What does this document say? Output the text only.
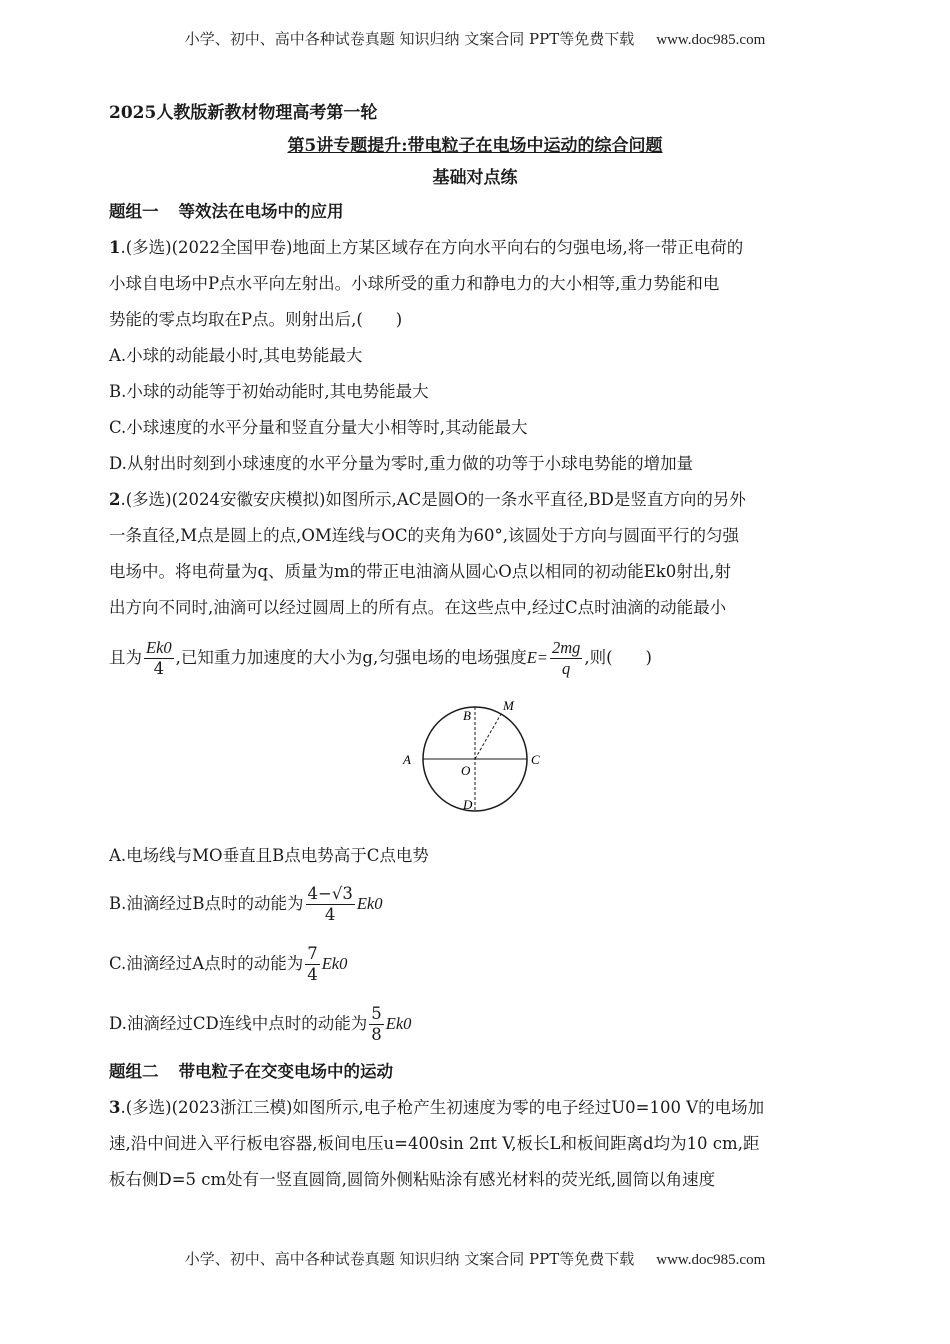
小学、初中、高中各种试卷真题 知识归纳 文案合同 PPT等免费下载 www.doc985.com
2025人教版新教材物理高考第一轮
第5讲专题提升:带电粒子在电场中运动的综合问题
基础对点练
题组一 等效法在电场中的应用

1.(多选)(2022全国甲卷)地面上方某区域存在方向水平向右的匀强电场,将一带正电荷的

小球自电场中P点水平向左射出。小球所受的重力和静电力的大小相等,重力势能和电

势能的零点均取在P点。则射出后,(　　)

A.小球的动能最小时,其电势能最大

B.小球的动能等于初始动能时,其电势能最大

C.小球速度的水平分量和竖直分量大小相等时,其动能最大

D.从射出时刻到小球速度的水平分量为零时,重力做的功等于小球电势能的增加量

2.(多选)(2024安徽安庆模拟)如图所示,AC是圆O的一条水平直径,BD是竖直方向的另外

一条直径,M点是圆上的点,OM连线与OC的夹角为60°,该圆处于方向与圆面平行的匀强

电场中。将电荷量为q、质量为m的带正电油滴从圆心O点以相同的初动能Ek0射出,射

出方向不同时,油滴可以经过圆周上的所有点。在这些点中,经过C点时油滴的动能最小

且为 $\frac{Ek0}{4}$ ,已知重力加速度的大小为g,匀强电场的电场强度$E= \frac{2mg}{q}$ ,则(　　)
A	C
B
D
M
O

A.电场线与MO垂直且B点电势高于C点电势

B.油滴经过B点时的动能为 $\frac{4-√3}{4} Ek0$
C.油滴经过A点时的动能为 $\frac{7}{4} Ek0$
D.油滴经过CD连线中点时的动能为 $\frac{5}{8} Ek0$
题组二 带电粒子在交变电场中的运动

3.(多选)(2023浙江三模)如图所示,电子枪产生初速度为零的电子经过U0=100 V的电场加

速,沿中间进入平行板电容器,板间电压u=400sin 2πt V,板长L和板间距离d均为10 cm,距

板右侧D=5 cm处有一竖直圆筒,圆筒外侧粘贴涂有感光材料的荧光纸,圆筒以角速度

小学、初中、高中各种试卷真题 知识归纳 文案合同 PPT等免费下载 www.doc985.com
